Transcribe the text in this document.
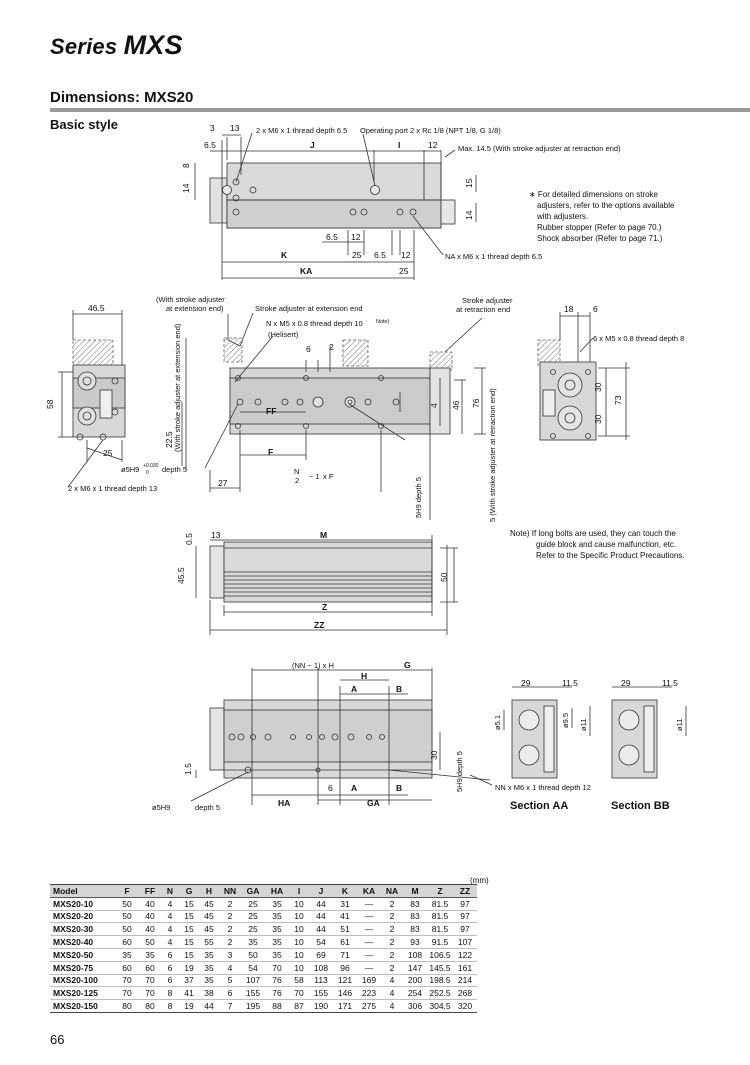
Series MXS
Dimensions: MXS20
Basic style	3 13
6.5	J	I	12
2 x M6 x 1 thread depth 6.5 Operating port 2 x Rc 1/8 (NPT 1/8, G 1/8)
Max. 14.5 (With stroke adjuster at retraction end)
8
14
15
14
6.5 12
K	25 6.5 12
KA	25
NA x M6 x 1 thread depth 6.5
46.5
58
25
2 x M6 x 1 thread depth 13
(With stroke adjuster
at extension end)	Stroke adjuster at extension end
Stroke adjuster
at retraction end
N x M5 x 0.8 thread depth 10 Note)
(Helisert)
6 2
FF
F
27
22.5 (With stroke adjuster at extension end)	4 46 76
ø5H9 +0.030
0 depth 5	N
2 − 1 x F
5H9 depth 5	5 (With stroke adjuster at retraction end)
18 6
6 x M5 x 0.8 thread depth 8
30
30
73
0.5 13	M
45.5	50
Z
ZZ
(NN − 1) x H	G
H
A	B
1.5
30
6
HA	GA
A	B
ø5H9	depth 5
5H9 depth 5	NN x M6 x 1 thread depth 12
29	11.5
ø5.1	ø9.5 ø11
29	11.5
ø11
∗ For detailed dimensions on stroke
adjusters, refer to the options available
with adjusters.
Rubber stopper (Refer to page 70.)
Shock absorber (Refer to page 71.)
Note) If long bolts are used, they can touch the
guide block and cause malfunction, etc.
Refer to the Specific Product Precautions.
Section AA	Section BB
(mm)
Model	F	FF	N	G	H	NN	GA	HA	I	J	K	KA	NA	M	Z	ZZ
MXS20-10	50	40	4	15	45	2	25	35	10	44	31	—	2	83	81.5	97
MXS20-20	50	40	4	15	45	2	25	35	10	44	41	—	2	83	81.5	97
MXS20-30	50	40	4	15	45	2	25	35	10	44	51	—	2	83	81.5	97
MXS20-40	60	50	4	15	55	2	35	35	10	54	61	—	2	93	91.5	107
MXS20-50	35	35	6	15	35	3	50	35	10	69	71	—	2	108	106.5	122
MXS20-75	60	60	6	19	35	4	54	70	10	108	96	—	2	147	145.5	161
MXS20-100	70	70	6	37	35	5	107	76	58	113	121	169	4	200	198.5	214
MXS20-125	70	70	8	41	38	6	155	76	70	155	146	223	4	254	252.5	268
MXS20-150	80	80	8	19	44	7	195	88	87	190	171	275	4	306	304.5	320
66
